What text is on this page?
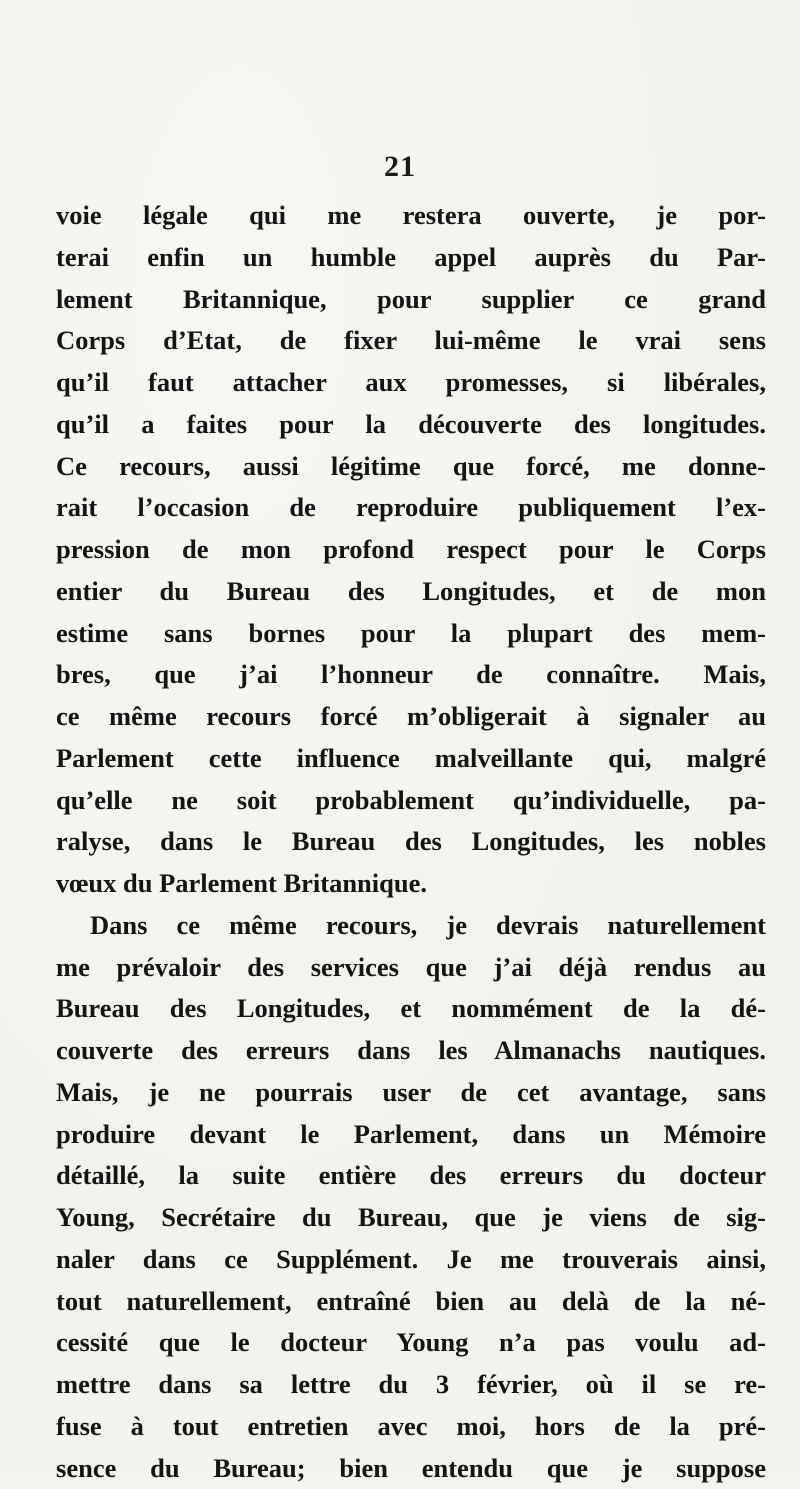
21
voie légale qui me restera ouverte, je por-
terai enfin un humble appel auprès du Par-
lement Britannique, pour supplier ce grand
Corps d’Etat, de fixer lui-même le vrai sens
qu’il faut attacher aux promesses, si libérales,
qu’il a faites pour la découverte des longitudes.
Ce recours, aussi légitime que forcé, me donne-
rait l’occasion de reproduire publiquement l’ex-
pression de mon profond respect pour le Corps
entier du Bureau des Longitudes, et de mon
estime sans bornes pour la plupart des mem-
bres, que j’ai l’honneur de connaître. Mais,
ce même recours forcé m’obligerait à signaler au
Parlement cette influence malveillante qui, malgré
qu’elle ne soit probablement qu’individuelle, pa-
ralyse, dans le Bureau des Longitudes, les nobles
vœux du Parlement Britannique.
Dans ce même recours, je devrais naturellement
me prévaloir des services que j’ai déjà rendus au
Bureau des Longitudes, et nommément de la dé-
couverte des erreurs dans les Almanachs nautiques.
Mais, je ne pourrais user de cet avantage, sans
produire devant le Parlement, dans un Mémoire
détaillé, la suite entière des erreurs du docteur
Young, Secrétaire du Bureau, que je viens de sig-
naler dans ce Supplément. Je me trouverais ainsi,
tout naturellement, entraîné bien au delà de la né-
cessité que le docteur Young n’a pas voulu ad-
mettre dans sa lettre du 3 février, où il se re-
fuse à tout entretien avec moi, hors de la pré-
sence du Bureau; bien entendu que je suppose
